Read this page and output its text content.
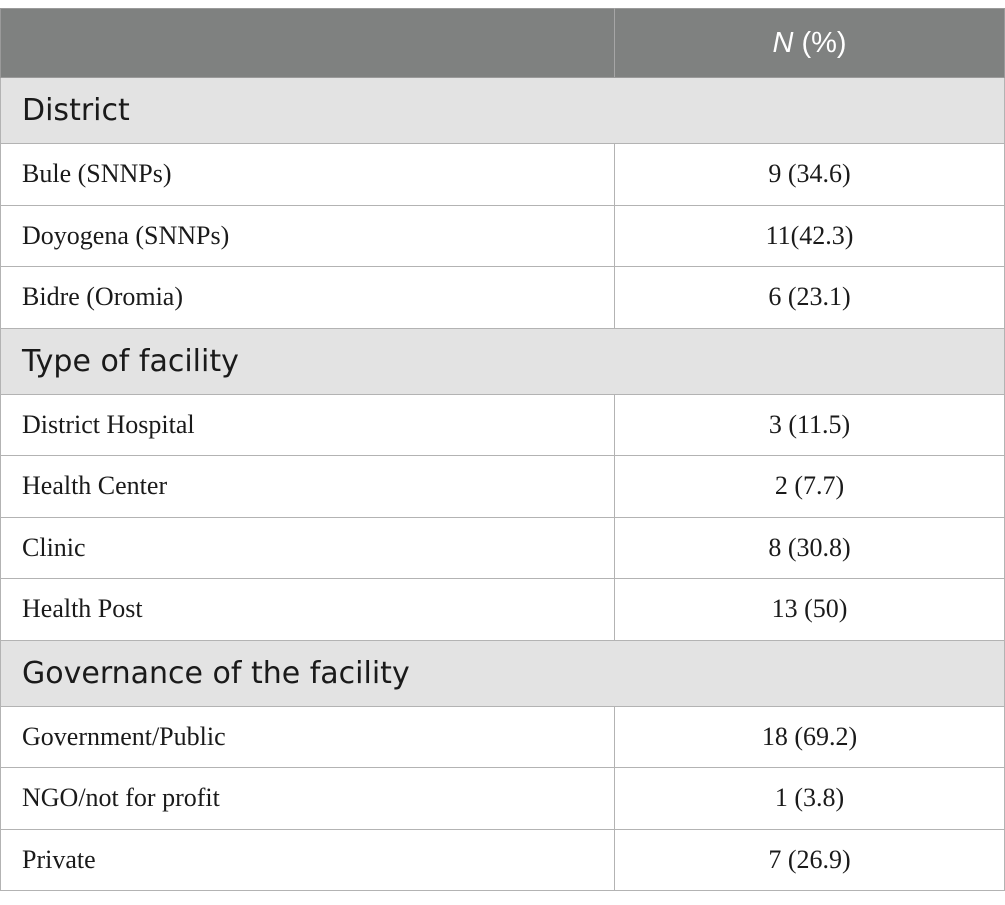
	N (%)
District	
Bule (SNNPs)	9 (34.6)
Doyogena (SNNPs)	11(42.3)
Bidre (Oromia)	6 (23.1)
Type of facility	
District Hospital	3 (11.5)
Health Center	2 (7.7)
Clinic	8 (30.8)
Health Post	13 (50)
Governance of the facility	
Government/Public	18 (69.2)
NGO/not for profit	1 (3.8)
Private	7 (26.9)
